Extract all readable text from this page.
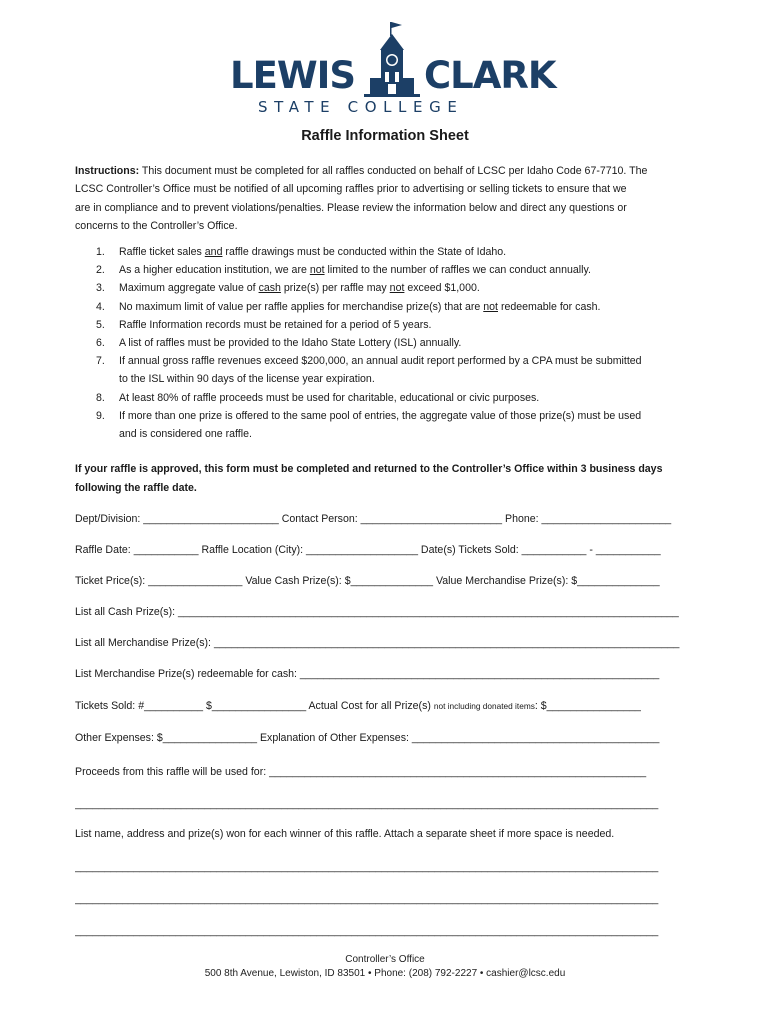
LEWIS CLARK
STATE COLLEGE
Raffle Information Sheet
Instructions: This document must be completed for all raffles conducted on behalf of LCSC per Idaho Code 67-7710. The
LCSC Controller’s Office must be notified of all upcoming raffles prior to advertising or selling tickets to ensure that we
are in compliance and to prevent violations/penalties. Please review the information below and direct any questions or
concerns to the Controller’s Office.
1. Raffle ticket sales and raffle drawings must be conducted within the State of Idaho.
2. As a higher education institution, we are not limited to the number of raffles we can conduct annually.
3. Maximum aggregate value of cash prize(s) per raffle may not exceed $1,000.
4. No maximum limit of value per raffle applies for merchandise prize(s) that are not redeemable for cash.
5. Raffle Information records must be retained for a period of 5 years.
6. A list of raffles must be provided to the Idaho State Lottery (ISL) annually.
7. If annual gross raffle revenues exceed $200,000, an annual audit report performed by a CPA must be submitted
to the ISL within 90 days of the license year expiration.
8. At least 80% of raffle proceeds must be used for charitable, educational or civic purposes.
9. If more than one prize is offered to the same pool of entries, the aggregate value of those prize(s) must be used
and is considered one raffle.
If your raffle is approved, this form must be completed and returned to the Controller’s Office within 3 business days
following the raffle date.
Dept/Division: _______________________ Contact Person: ________________________ Phone: ______________________
Raffle Date: ___________ Raffle Location (City): ___________________ Date(s) Tickets Sold: ___________ - ___________
Ticket Price(s): ________________ Value Cash Prize(s): $______________ Value Merchandise Prize(s): $______________
List all Cash Prize(s): _____________________________________________________________________________________
List all Merchandise Prize(s): _______________________________________________________________________________
List Merchandise Prize(s) redeemable for cash: _____________________________________________________________
Tickets Sold: #__________ $________________ Actual Cost for all Prize(s) not including donated items: $________________
Other Expenses: $________________ Explanation of Other Expenses: __________________________________________
Proceeds from this raffle will be used for: ________________________________________________________________
___________________________________________________________________________________________________
List name, address and prize(s) won for each winner of this raffle. Attach a separate sheet if more space is needed.
___________________________________________________________________________________________________
___________________________________________________________________________________________________
___________________________________________________________________________________________________
Controller’s Office
500 8th Avenue, Lewiston, ID 83501 • Phone: (208) 792-2227 • cashier@lcsc.edu
